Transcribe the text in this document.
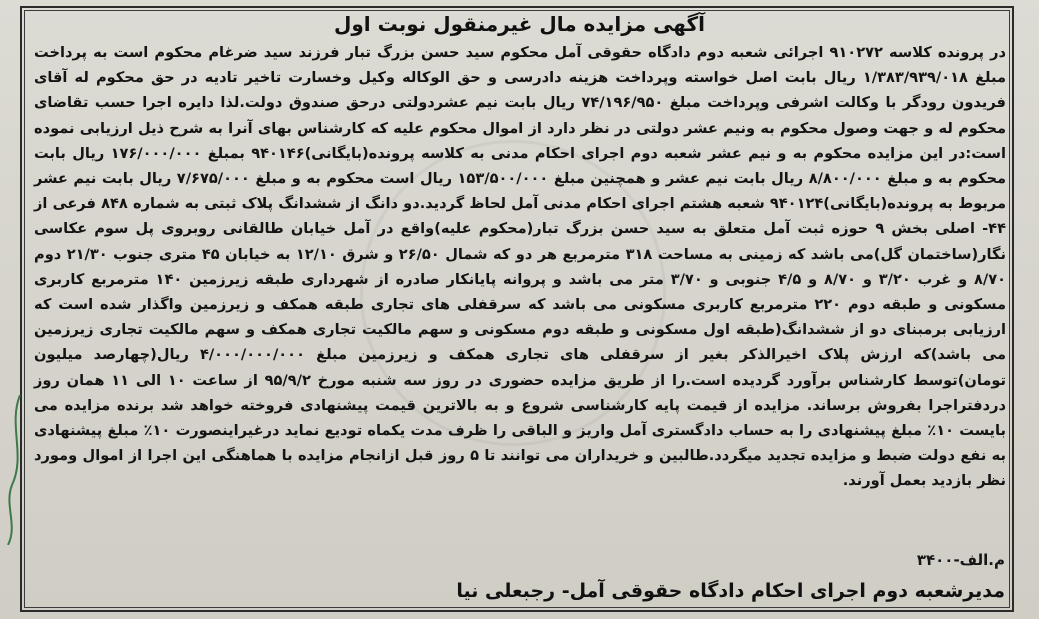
آگهی مزایده مال غیرمنقول نوبت اول

در پرونده کلاسه ۹۱۰۲۷۲ اجرائی شعبه دوم دادگاه حقوقی آمل محکوم سید حسن بزرگ تبار فرزند سید ضرغام محکوم است به پرداخت مبلغ ۱/۳۸۳/۹۳۹/۰۱۸ ریال بابت اصل خواسته وپرداخت هزینه دادرسی و حق الوکاله وکیل وخسارت تاخیر تادیه در حق محکوم له آقای فریدون رودگر با وکالت اشرفی وپرداخت مبلغ ۷۴/۱۹۶/۹۵۰ ریال بابت نیم عشردولتی درحق صندوق دولت.لذا دایره اجرا حسب تقاضای محکوم له و جهت وصول محکوم به ونیم عشر دولتی در نظر دارد از اموال محکوم علیه که کارشناس بهای آنرا به شرح ذیل ارزیابی نموده است:در این مزایده محکوم به و نیم عشر شعبه دوم اجرای احکام مدنی به کلاسه پرونده(بایگانی)۹۴۰۱۴۶ بمبلغ ۱۷۶/۰۰۰/۰۰۰ ریال بابت محکوم به و مبلغ ۸/۸۰۰/۰۰۰ ریال بابت نیم عشر و همچنین مبلغ ۱۵۳/۵۰۰/۰۰۰ ریال است محکوم به و مبلغ ۷/۶۷۵/۰۰۰ ریال بابت نیم عشر مربوط به پرونده(بایگانی)۹۴۰۱۲۴ شعبه هشتم اجرای احکام مدنی آمل لحاظ گردید.دو دانگ از ششدانگ پلاک ثبتی به شماره ۸۴۸ فرعی از ۴۴- اصلی بخش ۹ حوزه ثبت آمل متعلق به سید حسن بزرگ تبار(محکوم علیه)واقع در آمل خیابان طالقانی روبروی پل سوم عکاسی نگار(ساختمان گل)می باشد که زمینی به مساحت ۳۱۸ مترمربع هر دو که شمال ۲۶/۵۰ و شرق ۱۲/۱۰ به خیابان ۴۵ متری جنوب ۲۱/۳۰ دوم ۸/۷۰ و غرب ۳/۲۰ و ۸/۷۰ و ۴/۵ جنوبی و ۳/۷۰ متر می باشد و پروانه پایانکار صادره از شهرداری طبقه زیرزمین ۱۴۰ مترمربع کاربری مسکونی و طبقه دوم ۲۲۰ مترمربع کاربری مسکونی می باشد که سرقفلی های تجاری طبقه همکف و زیرزمین واگذار شده است که ارزیابی برمبنای دو از ششدانگ(طبقه اول مسکونی و طبقه دوم مسکونی و سهم مالکیت تجاری همکف و سهم مالکیت تجاری زیرزمین می باشد)که ارزش پلاک اخیرالذکر بغیر از سرقفلی های تجاری همکف و زیرزمین مبلغ ۴/۰۰۰/۰۰۰/۰۰۰ ریال(چهارصد میلیون تومان)توسط کارشناس برآورد گردیده است.را از طریق مزایده حضوری در روز سه شنبه مورخ ۹۵/۹/۲ از ساعت ۱۰ الی ۱۱ همان روز دردفتراجرا بفروش برساند. مزایده از قیمت پایه کارشناسی شروع و به بالاترین قیمت پیشنهادی فروخته خواهد شد برنده مزایده می بایست ۱۰٪ مبلغ پیشنهادی را به حساب دادگستری آمل واریز و الباقی را ظرف مدت یکماه تودیع نماید درغیراینصورت ۱۰٪ مبلغ پیشنهادی به نفع دولت ضبط و مزایده تجدید میگردد.طالبین و خریداران می توانند تا ۵ روز قبل ازانجام مزایده با هماهنگی این اجرا از اموال ومورد نظر بازدید بعمل آورند.

م.الف-۳۴۰۰
مدیرشعبه دوم اجرای احکام دادگاه حقوقی آمل- رجبعلی نیا
